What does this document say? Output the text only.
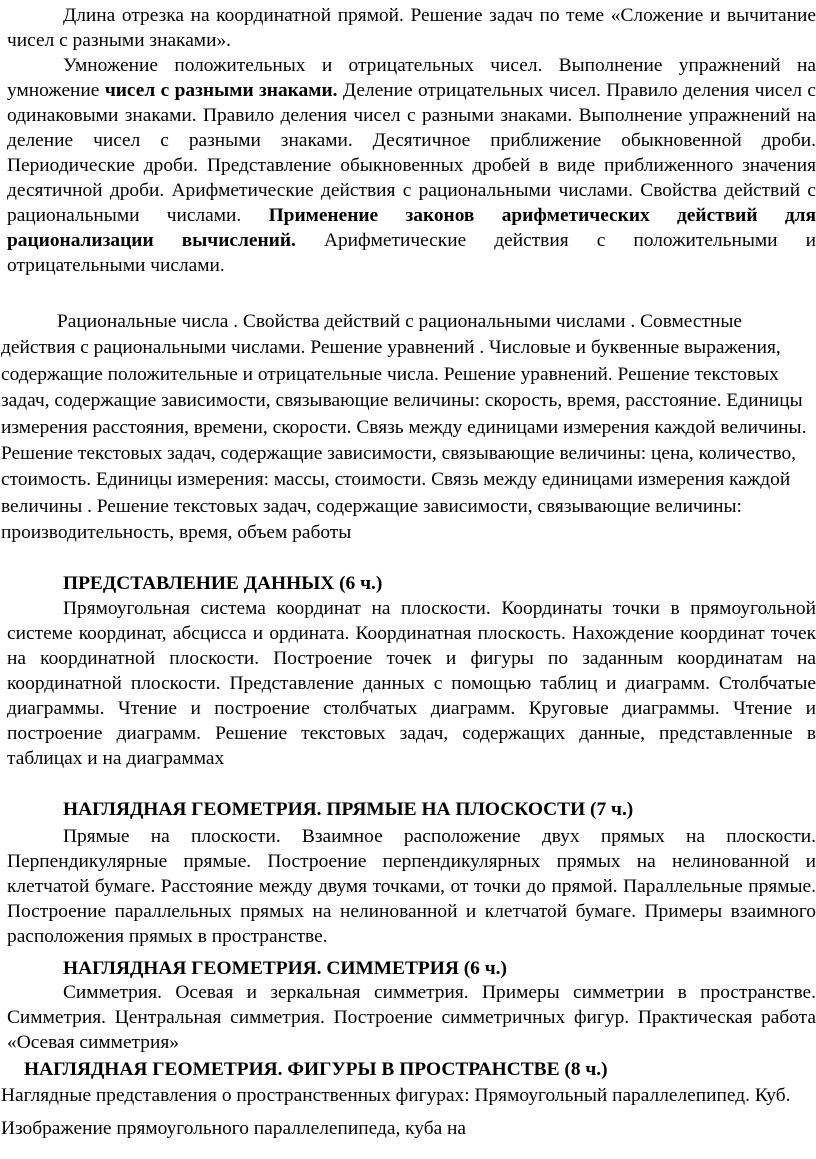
Длина отрезка на координатной прямой. Решение задач по теме «Сложение и вычитание чисел с разными знаками».

Умножение положительных и отрицательных чисел. Выполнение упражнений на умножение чисел с разными знаками. Деление отрицательных чисел. Правило деления чисел с одинаковыми знаками. Правило деления чисел с разными знаками. Выполнение упражнений на деление чисел с разными знаками. Десятичное приближение обыкновенной дроби. Периодические дроби. Представление обыкновенных дробей в виде приближенного значения десятичной дроби. Арифметические действия с рациональными числами. Свойства действий с рациональными числами. Применение законов арифметических действий для рационализации вычислений. Арифметические действия с положительными и отрицательными числами.

Рациональные числа . Свойства действий с рациональными числами . Совместные действия с рациональными числами. Решение уравнений . Числовые и буквенные выражения, содержащие положительные и отрицательные числа. Решение уравнений. Решение текстовых задач, содержащие зависимости, связывающие величины: скорость, время, расстояние. Единицы измерения расстояния, времени, скорости. Связь между единицами измерения каждой величины. Решение текстовых задач, содержащие зависимости, связывающие величины: цена, количество, стоимость. Единицы измерения: массы, стоимости. Связь между единицами измерения каждой величины . Решение текстовых задач, содержащие зависимости, связывающие величины: производительность, время, объем работы

ПРЕДСТАВЛЕНИЕ ДАННЫХ (6 ч.)

Прямоугольная система координат на плоскости. Координаты точки в прямоугольной системе координат, абсцисса и ордината. Координатная плоскость. Нахождение координат точек на координатной плоскости. Построение точек и фигуры по заданным координатам на координатной плоскости. Представление данных с помощью таблиц и диаграмм. Столбчатые диаграммы. Чтение и построение столбчатых диаграмм. Круговые диаграммы. Чтение и построение диаграмм. Решение текстовых задач, содержащих данные, представленные в таблицах и на диаграммах

НАГЛЯДНАЯ ГЕОМЕТРИЯ. ПРЯМЫЕ НА ПЛОСКОСТИ (7 ч.)

Прямые на плоскости. Взаимное расположение двух прямых на плоскости. Перпендикулярные прямые. Построение перпендикулярных прямых на нелинованной и клетчатой бумаге. Расстояние между двумя точками, от точки до прямой. Параллельные прямые. Построение параллельных прямых на нелинованной и клетчатой бумаге. Примеры взаимного расположения прямых в пространстве.

НАГЛЯДНАЯ ГЕОМЕТРИЯ. СИММЕТРИЯ (6 ч.)

Симметрия. Осевая и зеркальная симметрия. Примеры симметрии в пространстве. Симметрия. Центральная симметрия. Построение симметричных фигур. Практическая работа «Осевая симметрия»

НАГЛЯДНАЯ ГЕОМЕТРИЯ. ФИГУРЫ В ПРОСТРАНСТВЕ (8 ч.)

Наглядные представления о пространственных фигурах: Прямоугольный параллелепипед. Куб. Изображение прямоугольного параллелепипеда, куба на
